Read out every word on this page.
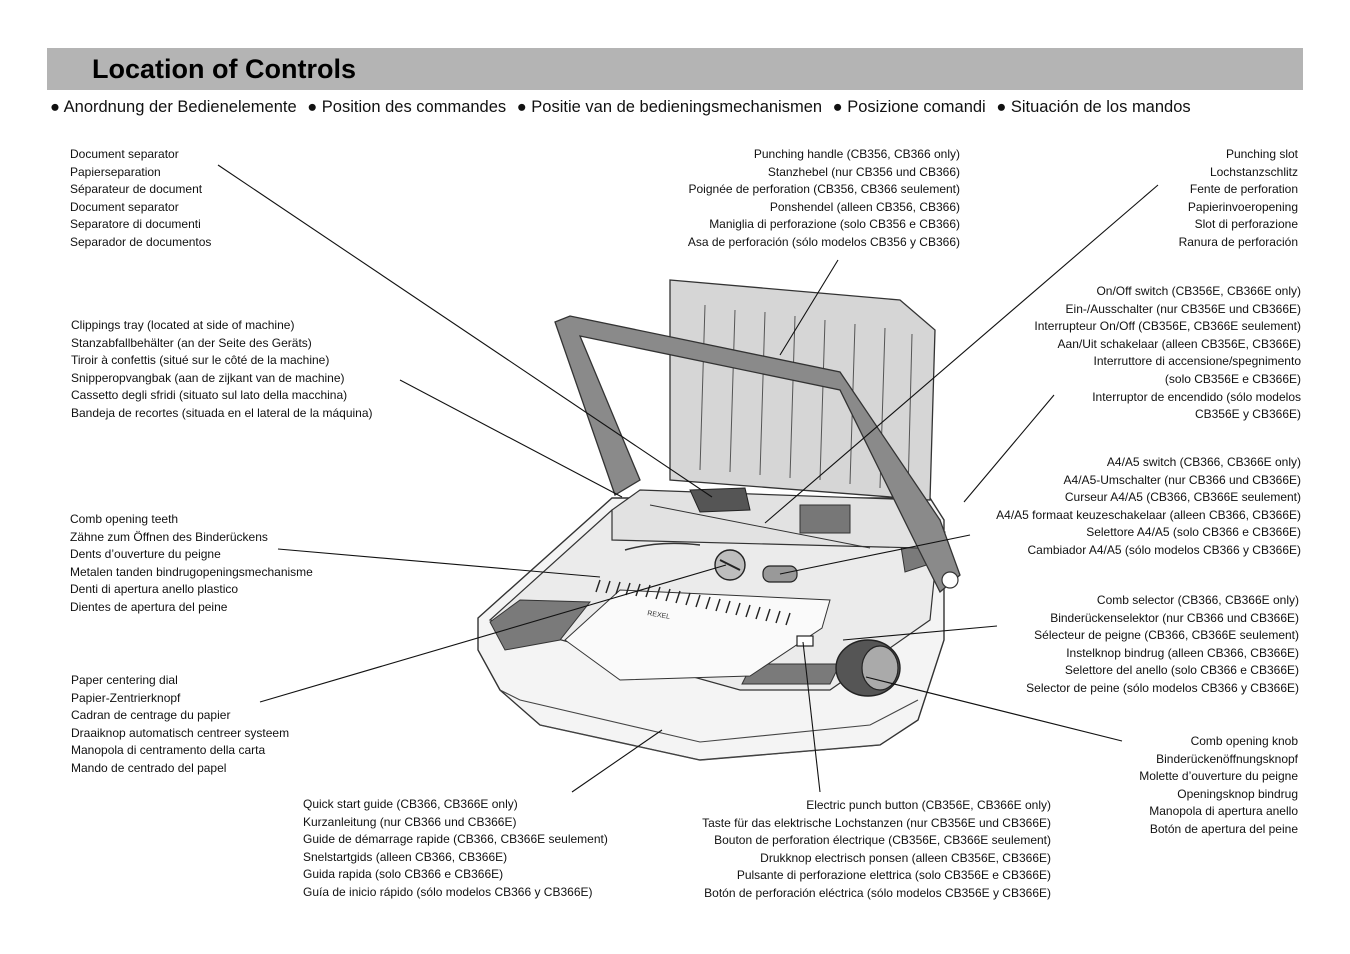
Location of Controls
● Anordnung der Bedienelemente ● Position des commandes ● Positie van de bedieningsmechanismen ● Posizione comandi ● Situación de los mandos
REXEL
Document separator
Papierseparation
Séparateur de document
Document separator
Separatore di documenti
Separador de documentos
Clippings tray (located at side of machine)
Stanzabfallbehälter (an der Seite des Geräts)
Tiroir à confettis (situé sur le côté de la machine)
Snipperopvangbak (aan de zijkant van de machine)
Cassetto degli sfridi (situato sul lato della macchina)
Bandeja de recortes (situada en el lateral de la máquina)
Comb opening teeth
Zähne zum Öffnen des Binderückens
Dents d’ouverture du peigne
Metalen tanden bindrugopeningsmechanisme
Denti di apertura anello plastico
Dientes de apertura del peine
Paper centering dial
Papier-Zentrierknopf
Cadran de centrage du papier
Draaiknop automatisch centreer systeem
Manopola di centramento della carta
Mando de centrado del papel
Quick start guide (CB366, CB366E only)
Kurzanleitung (nur CB366 und CB366E)
Guide de démarrage rapide (CB366, CB366E seulement)
Snelstartgids (alleen CB366, CB366E)
Guida rapida (solo CB366 e CB366E)
Guía de inicio rápido (sólo modelos CB366 y CB366E)
Punching handle (CB356, CB366 only)
Stanzhebel (nur CB356 und CB366)
Poignée de perforation (CB356, CB366 seulement)
Ponshendel (alleen CB356, CB366)
Maniglia di perforazione (solo CB356 e CB366)
Asa de perforación (sólo modelos CB356 y CB366)
Punching slot
Lochstanzschlitz
Fente de perforation
Papierinvoeropening
Slot di perforazione
Ranura de perforación
On/Off switch (CB356E, CB366E only)
Ein-/Ausschalter (nur CB356E und CB366E)
Interrupteur On/Off (CB356E, CB366E seulement)
Aan/Uit schakelaar (alleen CB356E, CB366E)
Interruttore di accensione/spegnimento
(solo CB356E e CB366E)
Interruptor de encendido (sólo modelos
CB356E y CB366E)
A4/A5 switch (CB366, CB366E only)
A4/A5-Umschalter (nur CB366 und CB366E)
Curseur A4/A5 (CB366, CB366E seulement)
A4/A5 formaat keuzeschakelaar (alleen CB366, CB366E)
Selettore A4/A5 (solo CB366 e CB366E)
Cambiador A4/A5 (sólo modelos CB366 y CB366E)
Comb selector (CB366, CB366E only)
Binderückenselektor (nur CB366 und CB366E)
Sélecteur de peigne (CB366, CB366E seulement)
Instelknop bindrug (alleen CB366, CB366E)
Selettore del anello (solo CB366 e CB366E)
Selector de peine (sólo modelos CB366 y CB366E)
Comb opening knob
Binderückenöffnungsknopf
Molette d’ouverture du peigne
Openingsknop bindrug
Manopola di apertura anello
Botón de apertura del peine
Electric punch button (CB356E, CB366E only)
Taste für das elektrische Lochstanzen (nur CB356E und CB366E)
Bouton de perforation électrique (CB356E, CB366E seulement)
Drukknop electrisch ponsen (alleen CB356E, CB366E)
Pulsante di perforazione elettrica (solo CB356E e CB366E)
Botón de perforación eléctrica (sólo modelos CB356E y CB366E)
